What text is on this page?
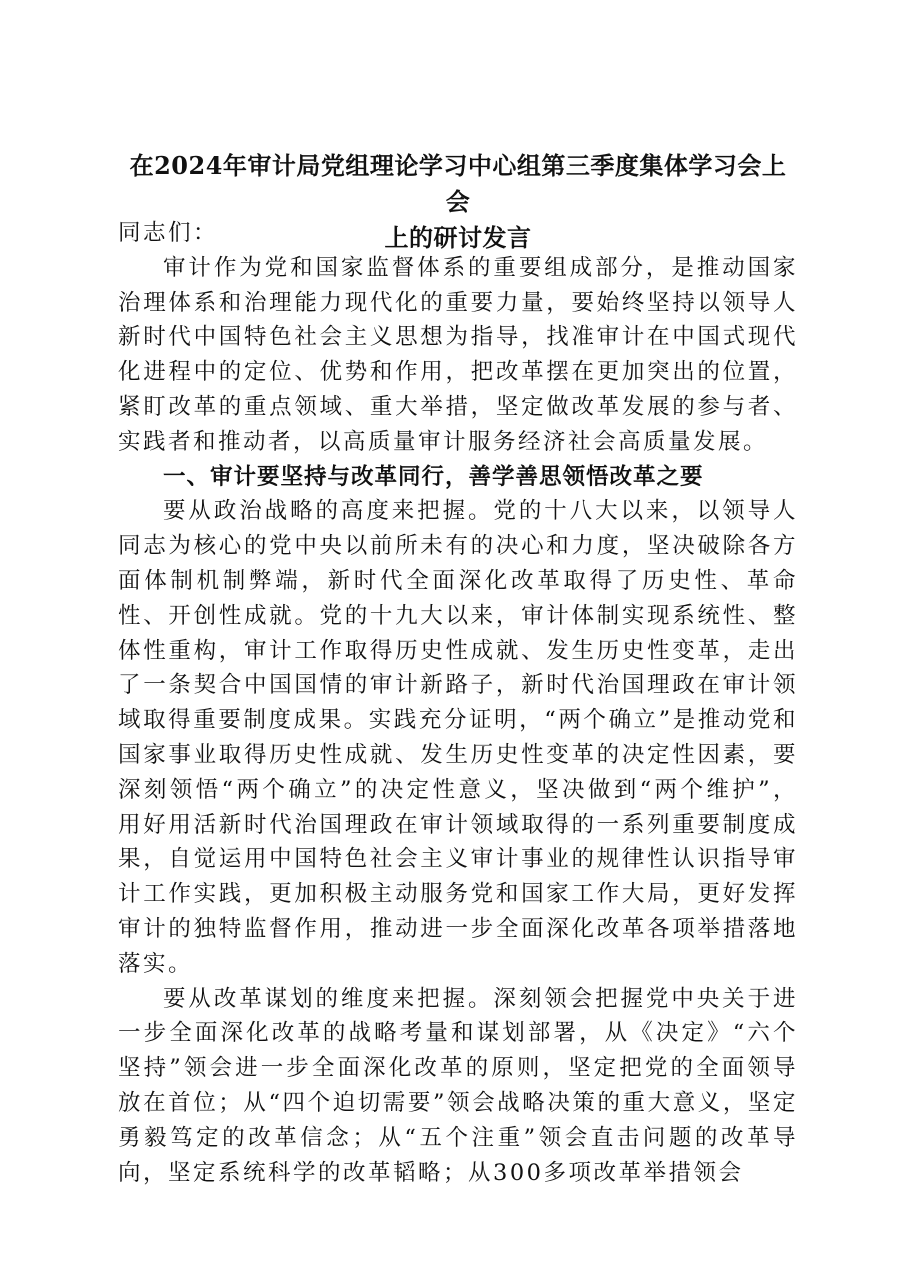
在2024年审计局党组理论学习中心组第三季度集体学习会上会
上的研讨发言

同志们：

审计作为党和国家监督体系的重要组成部分，是推动国家治理体系和治理能力现代化的重要力量，要始终坚持以领导人新时代中国特色社会主义思想为指导，找准审计在中国式现代化进程中的定位、优势和作用，把改革摆在更加突出的位置，紧盯改革的重点领域、重大举措，坚定做改革发展的参与者、实践者和推动者，以高质量审计服务经济社会高质量发展。

一、审计要坚持与改革同行，善学善思领悟改革之要

要从政治战略的高度来把握。党的十八大以来，以领导人同志为核心的党中央以前所未有的决心和力度，坚决破除各方面体制机制弊端，新时代全面深化改革取得了历史性、革命性、开创性成就。党的十九大以来，审计体制实现系统性、整体性重构，审计工作取得历史性成就、发生历史性变革，走出了一条契合中国国情的审计新路子，新时代治国理政在审计领域取得重要制度成果。实践充分证明，“两个确立”是推动党和国家事业取得历史性成就、发生历史性变革的决定性因素，要深刻领悟“两个确立”的决定性意义，坚决做到“两个维护”，用好用活新时代治国理政在审计领域取得的一系列重要制度成果，自觉运用中国特色社会主义审计事业的规律性认识指导审计工作实践，更加积极主动服务党和国家工作大局，更好发挥审计的独特监督作用，推动进一步全面深化改革各项举措落地落实。

要从改革谋划的维度来把握。深刻领会把握党中央关于进一步全面深化改革的战略考量和谋划部署，从《决定》“六个坚持”领会进一步全面深化改革的原则，坚定把党的全面领导放在首位；从“四个迫切需要”领会战略决策的重大意义，坚定勇毅笃定的改革信念；从“五个注重”领会直击问题的改革导向，坚定系统科学的改革韬略；从300多项改革举措领会
